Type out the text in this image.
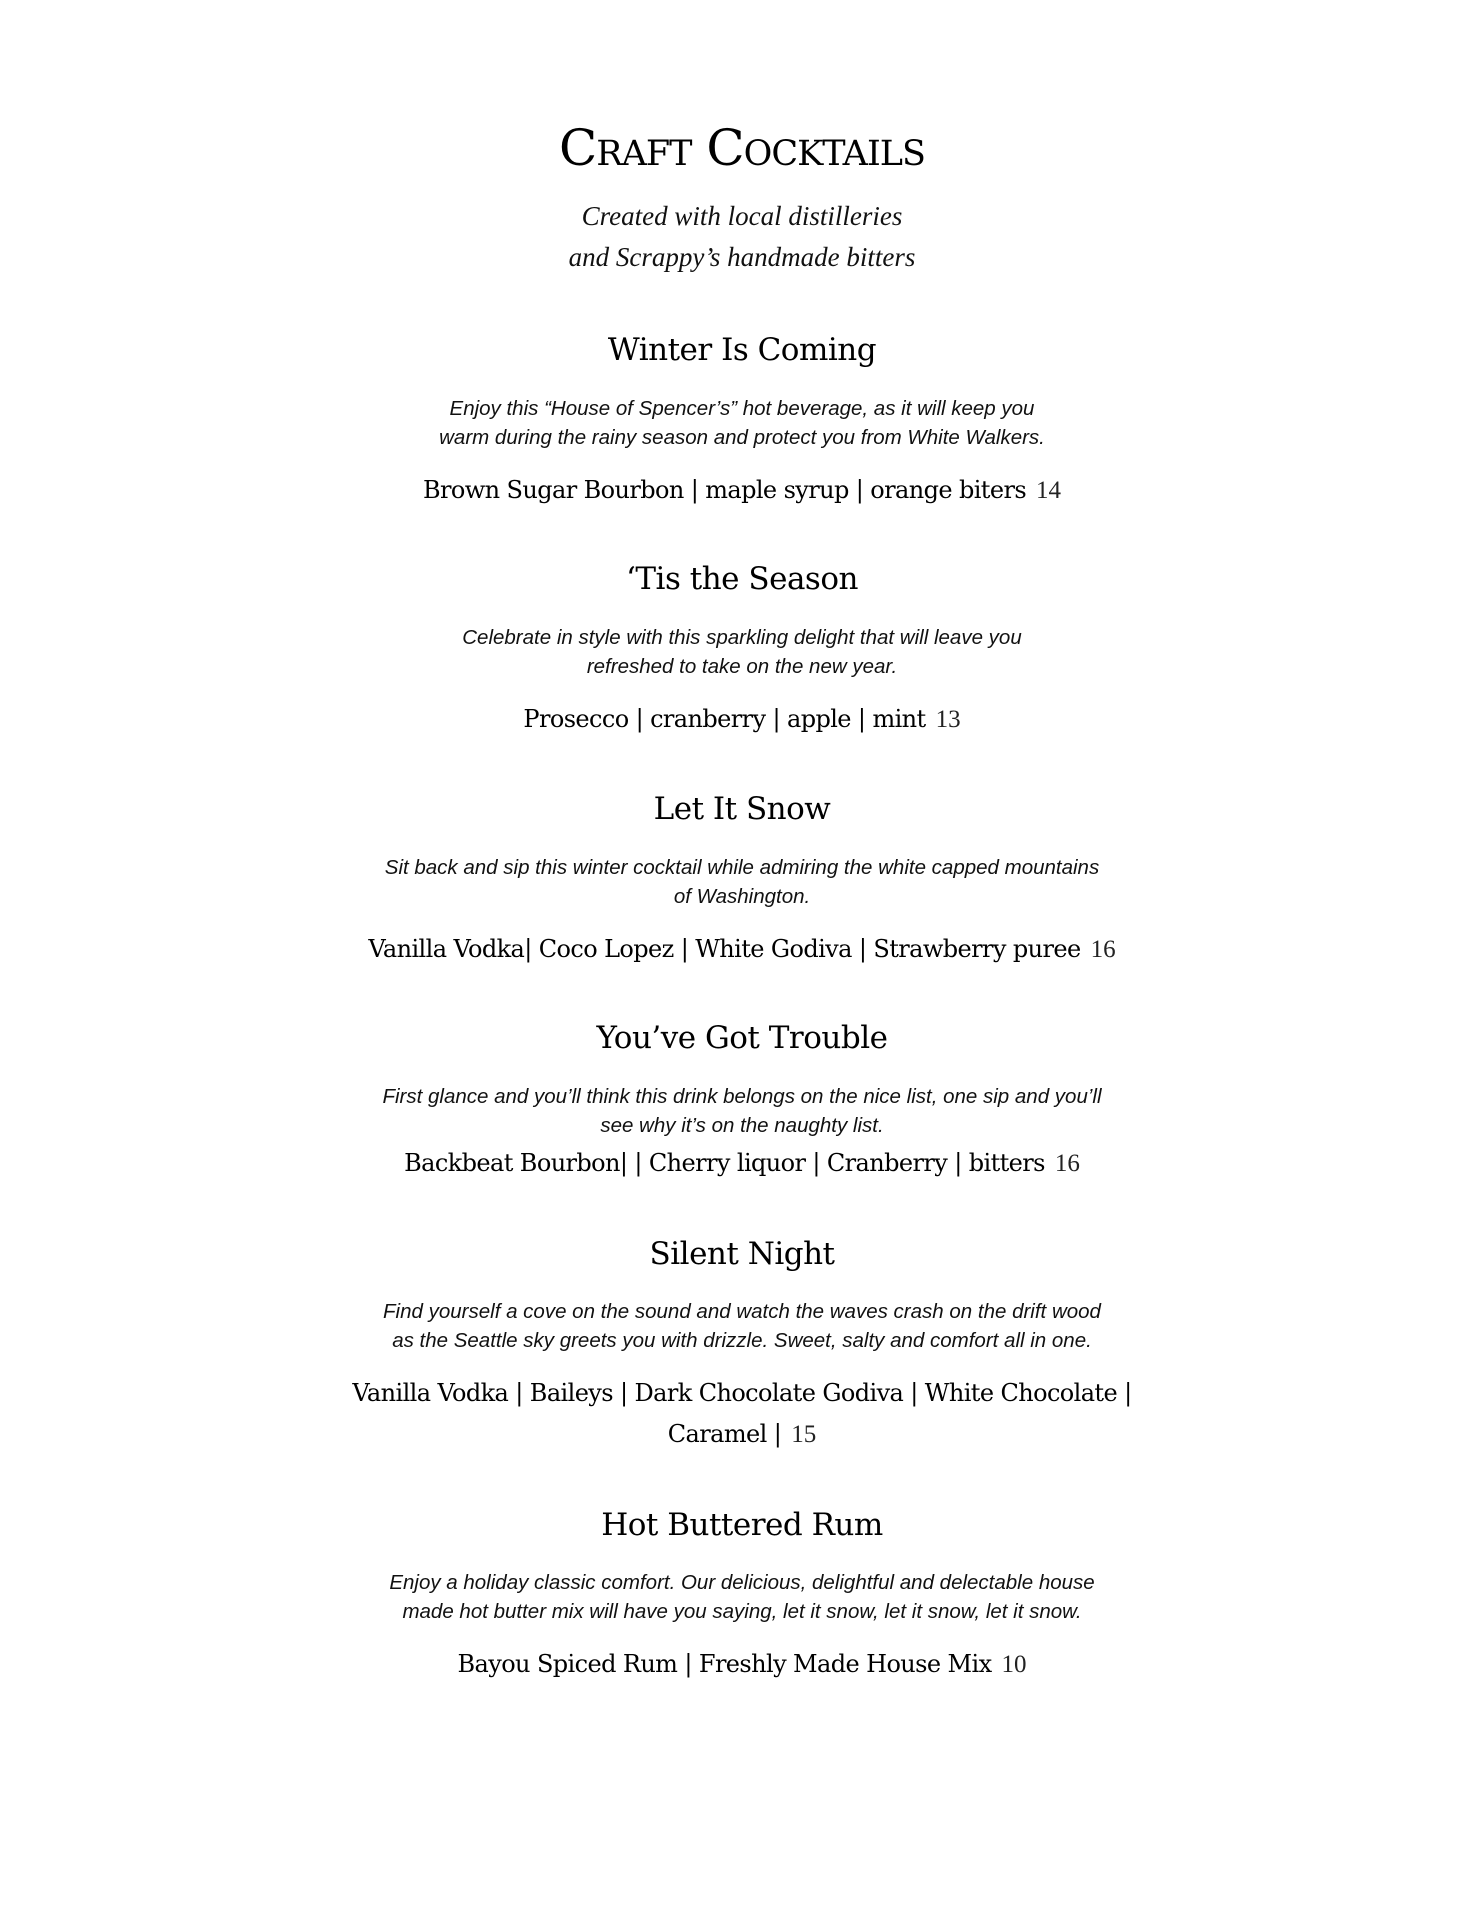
Craft Cocktails
Created with local distilleries
and Scrappy’s handmade bitters
Winter Is Coming
Enjoy this “House of Spencer’s” hot beverage, as it will keep you
warm during the rainy season and protect you from White Walkers.
Brown Sugar Bourbon | maple syrup | orange biters 14
‘Tis the Season
Celebrate in style with this sparkling delight that will leave you
refreshed to take on the new year.
Prosecco | cranberry | apple | mint 13
Let It Snow
Sit back and sip this winter cocktail while admiring the white capped mountains
of Washington.
Vanilla Vodka| Coco Lopez | White Godiva | Strawberry puree 16
You’ve Got Trouble
First glance and you’ll think this drink belongs on the nice list, one sip and you’ll
see why it’s on the naughty list.
Backbeat Bourbon| | Cherry liquor | Cranberry | bitters 16
Silent Night
Find yourself a cove on the sound and watch the waves crash on the drift wood
as the Seattle sky greets you with drizzle. Sweet, salty and comfort all in one.
Vanilla Vodka | Baileys | Dark Chocolate Godiva | White Chocolate |
Caramel | 15
Hot Buttered Rum
Enjoy a holiday classic comfort. Our delicious, delightful and delectable house
made hot butter mix will have you saying, let it snow, let it snow, let it snow.
Bayou Spiced Rum | Freshly Made House Mix 10
